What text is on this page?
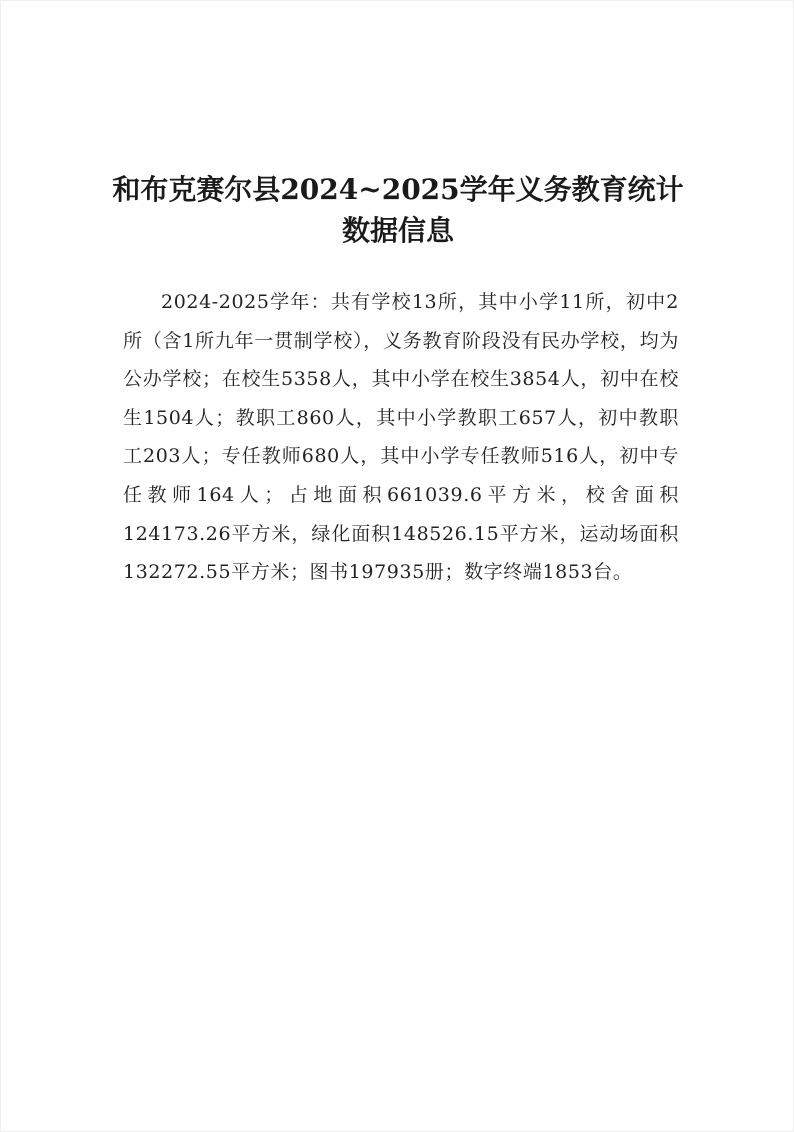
和布克赛尔县2024~2025学年义务教育统计
数据信息

2024-2025学年：共有学校13所，其中小学11所，初中2所（含1所九年一贯制学校），义务教育阶段没有民办学校，均为公办学校；在校生5358人，其中小学在校生3854人，初中在校生1504人；教职工860人，其中小学教职工657人，初中教职工203人；专任教师680人，其中小学专任教师516人，初中专任教师164人；占地面积661039.6平方米，校舍面积124173.26平方米，绿化面积148526.15平方米，运动场面积132272.55平方米；图书197935册；数字终端1853台。
